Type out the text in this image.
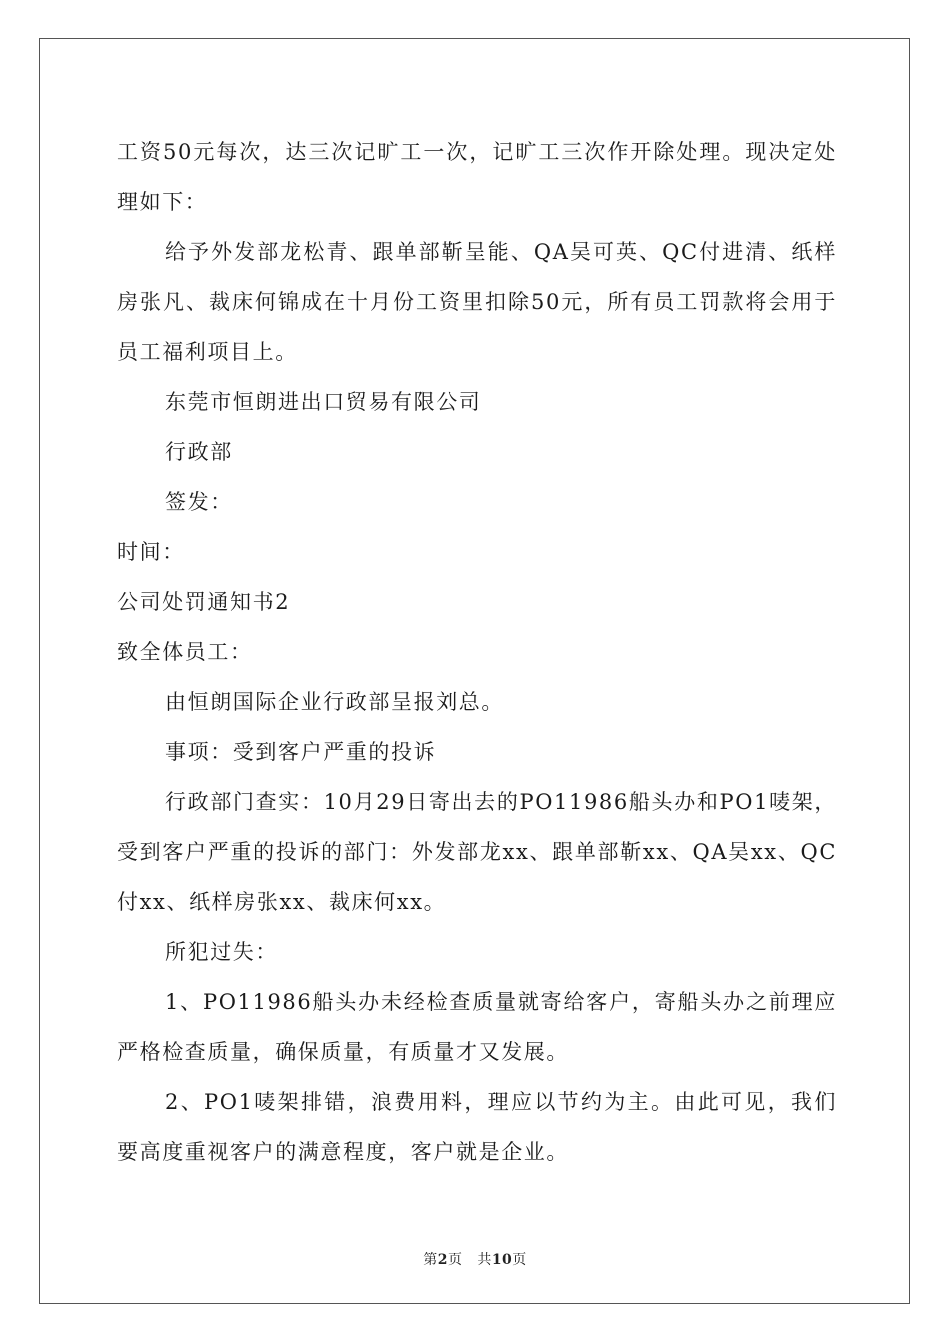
工资50元每次，达三次记旷工一次，记旷工三次作开除处理。现决定处理如下：

给予外发部龙松青、跟单部靳呈能、QA吴可英、QC付进清、纸样房张凡、裁床何锦成在十月份工资里扣除50元，所有员工罚款将会用于员工福利项目上。

东莞市恒朗进出口贸易有限公司

行政部

签发：

时间：

公司处罚通知书2

致全体员工：

由恒朗国际企业行政部呈报刘总。

事项：受到客户严重的投诉

行政部门查实：10月29日寄出去的PO11986船头办和PO1唛架，受到客户严重的投诉的部门：外发部龙xx、跟单部靳xx、QA吴xx、QC付xx、纸样房张xx、裁床何xx。

所犯过失：

1、PO11986船头办未经检查质量就寄给客户，寄船头办之前理应严格检查质量，确保质量，有质量才又发展。

2、PO1唛架排错，浪费用料，理应以节约为主。由此可见，我们要高度重视客户的满意程度，客户就是企业。

第2页 共10页
